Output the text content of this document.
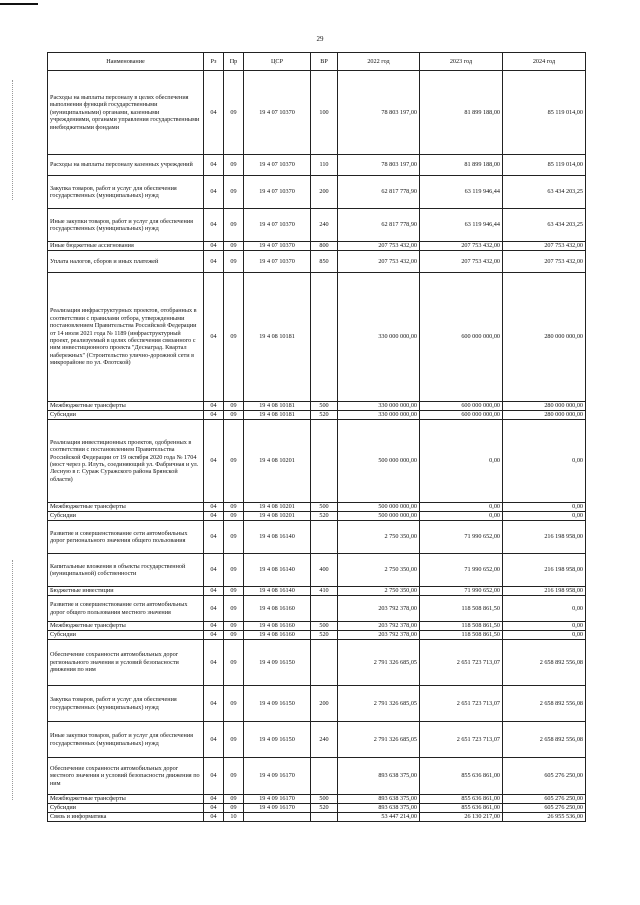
29
Наименование	Рз	Пр	ЦСР	ВР	2022 год	2023 год	2024 год
Расходы на выплаты персоналу в целях обеспечения выполнения функций государственными (муниципальными) органами, казенными учреждениями, органами управления государственными внебюджетными фондами	04	09	19 4 07 10370	100	78 803 197,00	81 899 188,00	85 119 014,00
Расходы на выплаты персоналу казенных учреждений	04	09	19 4 07 10370	110	78 803 197,00	81 899 188,00	85 119 014,00
Закупка товаров, работ и услуг для обеспечения государственных (муниципальных) нужд	04	09	19 4 07 10370	200	62 817 778,90	63 119 946,44	63 434 203,25
Иные закупки товаров, работ и услуг для обеспечения государственных (муниципальных) нужд	04	09	19 4 07 10370	240	62 817 778,90	63 119 946,44	63 434 203,25
Иные бюджетные ассигнования	04	09	19 4 07 10370	800	207 753 432,00	207 753 432,00	207 753 432,00
Уплата налогов, сборов и иных платежей	04	09	19 4 07 10370	850	207 753 432,00	207 753 432,00	207 753 432,00
Реализация инфраструктурных проектов, отобранных в соответствии с правилами отбора, утвержденными постановлением Правительства Российской Федерации от 14 июля 2021 года № 1189 (инфраструктурный проект, реализуемый в целях обеспечения связанного с ним инвестиционного проекта "Деснаград. Квартал набережных" (Строительство улично-дорожной сети в микрорайоне по ул. Флотской)	04	09	19 4 08 10181		330 000 000,00	600 000 000,00	280 000 000,00
Межбюджетные трансферты	04	09	19 4 08 10181	500	330 000 000,00	600 000 000,00	280 000 000,00
Субсидии	04	09	19 4 08 10181	520	330 000 000,00	600 000 000,00	280 000 000,00
Реализация инвестиционных проектов, одобренных в соответствии с постановлением Правительства Российской Федерации от 19 октября 2020 года № 1704 (мост через р. Илуть, соединяющий ул. Фабричная и ул. Лесную в г. Сураж Суражского района Брянской области)	04	09	19 4 08 10201		500 000 000,00	0,00	0,00
Межбюджетные трансферты	04	09	19 4 08 10201	500	500 000 000,00	0,00	0,00
Субсидии	04	09	19 4 08 10201	520	500 000 000,00	0,00	0,00
Развитие и совершенствование сети автомобильных дорог регионального значения общего пользования	04	09	19 4 08 16140		2 750 350,00	71 990 652,00	216 198 958,00
Капитальные вложения в объекты государственной (муниципальной) собственности	04	09	19 4 08 16140	400	2 750 350,00	71 990 652,00	216 198 958,00
Бюджетные инвестиции	04	09	19 4 08 16140	410	2 750 350,00	71 990 652,00	216 198 958,00
Развитие и совершенствование сети автомобильных дорог общего пользования местного значения	04	09	19 4 08 16160		203 792 378,00	118 508 861,50	0,00
Межбюджетные трансферты	04	09	19 4 08 16160	500	203 792 378,00	118 508 861,50	0,00
Субсидии	04	09	19 4 08 16160	520	203 792 378,00	118 508 861,50	0,00
Обеспечение сохранности автомобильных дорог регионального значения и условий безопасности движения по ним	04	09	19 4 09 16150		2 791 326 685,05	2 651 723 713,07	2 658 892 556,08
Закупка товаров, работ и услуг для обеспечения государственных (муниципальных) нужд	04	09	19 4 09 16150	200	2 791 326 685,05	2 651 723 713,07	2 658 892 556,08
Иные закупки товаров, работ и услуг для обеспечения государственных (муниципальных) нужд	04	09	19 4 09 16150	240	2 791 326 685,05	2 651 723 713,07	2 658 892 556,08
Обеспечение сохранности автомобильных дорог местного значения и условий безопасности движения по ним	04	09	19 4 09 16170		893 638 375,00	855 636 861,00	605 276 250,00
Межбюджетные трансферты	04	09	19 4 09 16170	500	893 638 375,00	855 636 861,00	605 276 250,00
Субсидии	04	09	19 4 09 16170	520	893 638 375,00	855 636 861,00	605 276 250,00
Связь и информатика	04	10			53 447 214,00	26 130 217,00	26 955 536,00
